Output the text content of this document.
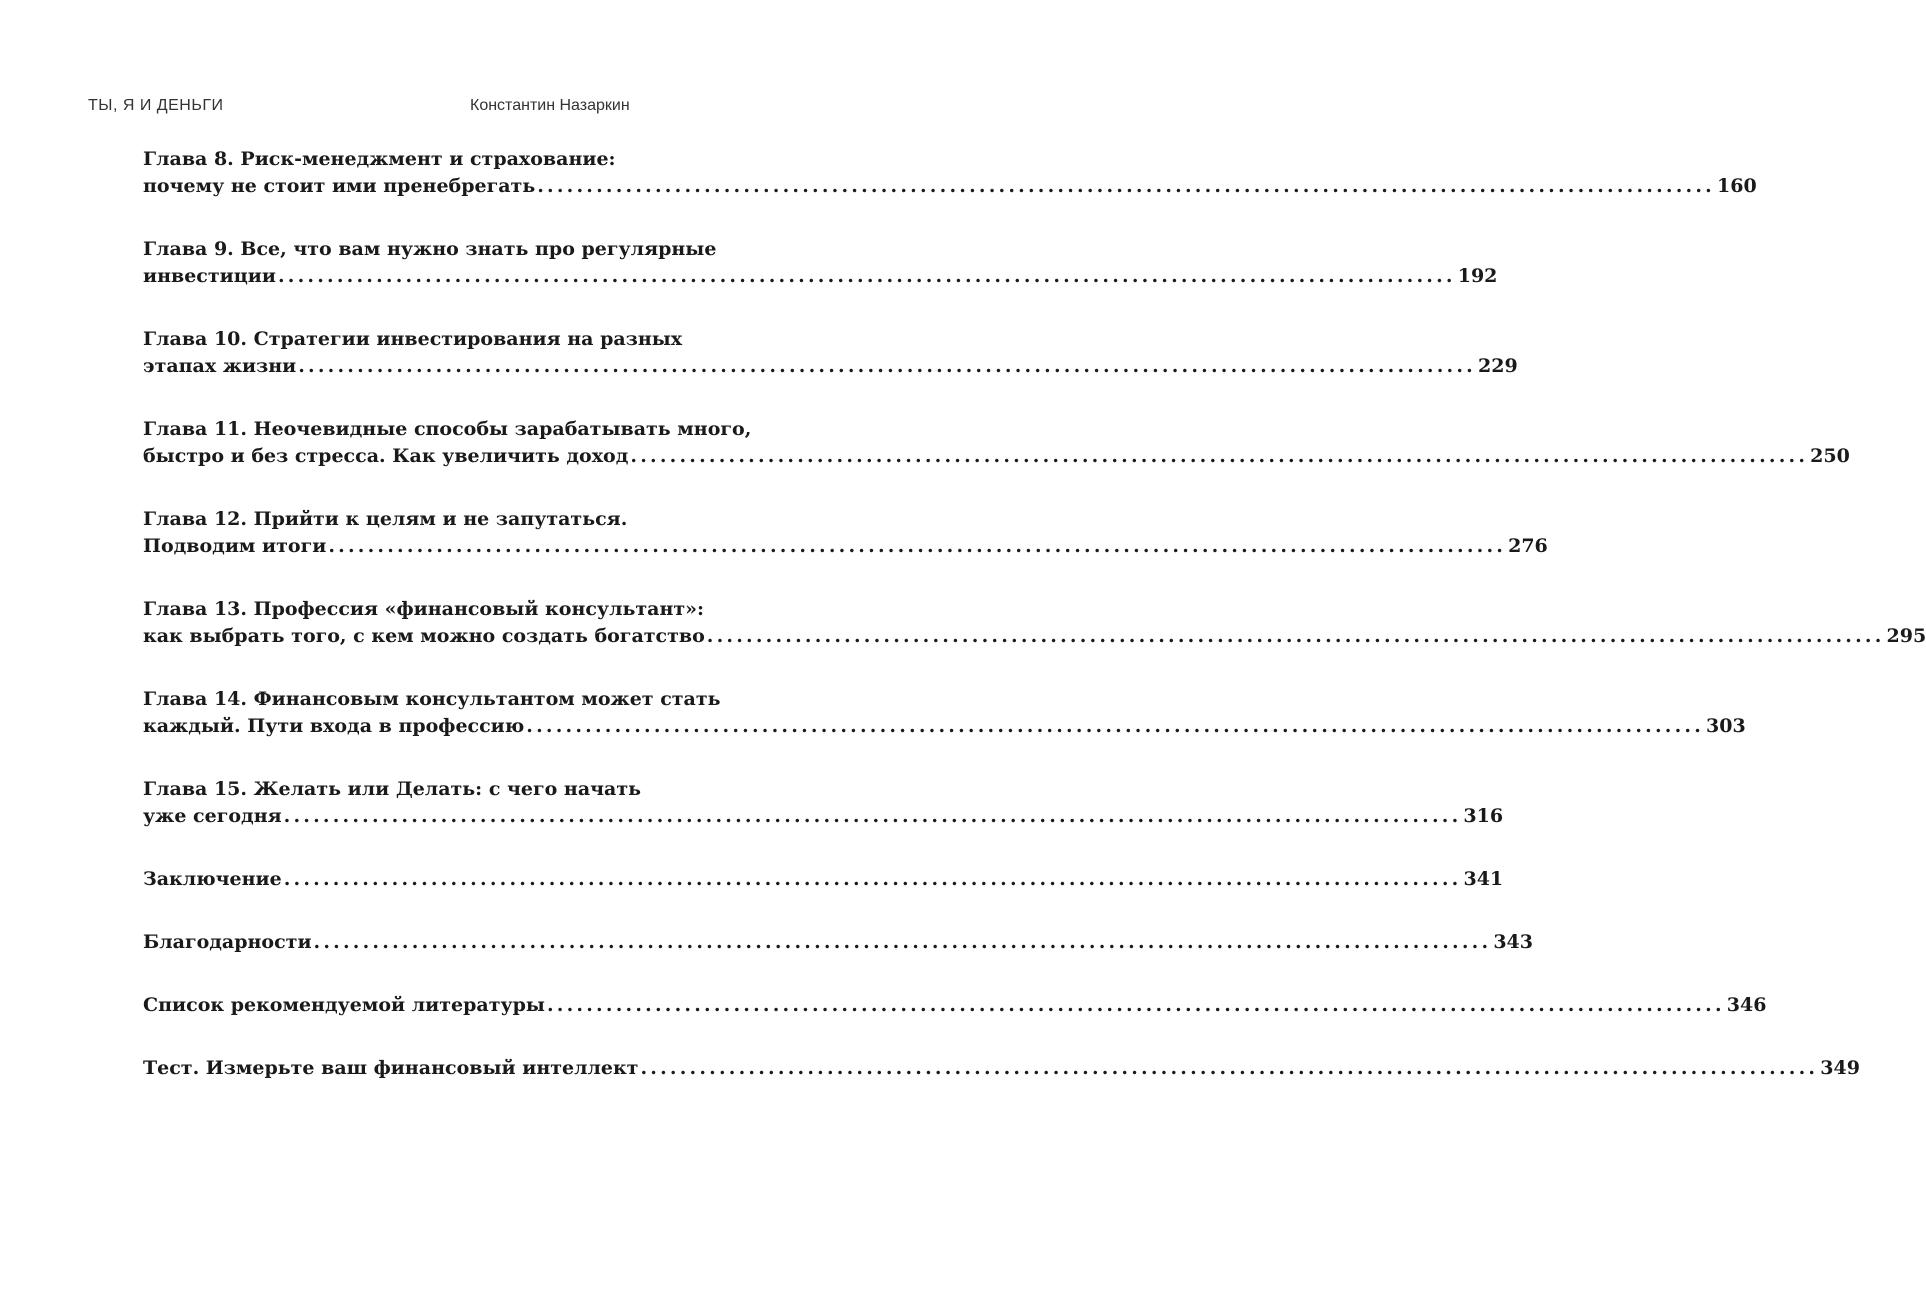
ТЫ, Я И ДЕНЬГИ	Константин Назаркин
Глава 8. Риск-менеджмент и страхование:
почему не стоит ими пренебрегать ........................................................................................................................ 160
Глава 9. Все, что вам нужно знать про регулярные
инвестиции ........................................................................................................................ 192
Глава 10. Стратегии инвестирования на разных
этапах жизни ........................................................................................................................ 229
Глава 11. Неочевидные способы зарабатывать много,
быстро и без стресса. Как увеличить доход ........................................................................................................................ 250
Глава 12. Прийти к целям и не запутаться.
Подводим итоги ........................................................................................................................ 276
Глава 13. Профессия «финансовый консультант»:
как выбрать того, с кем можно создать богатство ........................................................................................................................ 295
Глава 14. Финансовым консультантом может стать
каждый. Пути входа в профессию ........................................................................................................................ 303
Глава 15. Желать или Делать: с чего начать
уже сегодня ........................................................................................................................ 316
Заключение ........................................................................................................................ 341
Благодарности ........................................................................................................................ 343
Список рекомендуемой литературы ........................................................................................................................ 346
Тест. Измерьте ваш финансовый интеллект ........................................................................................................................ 349
